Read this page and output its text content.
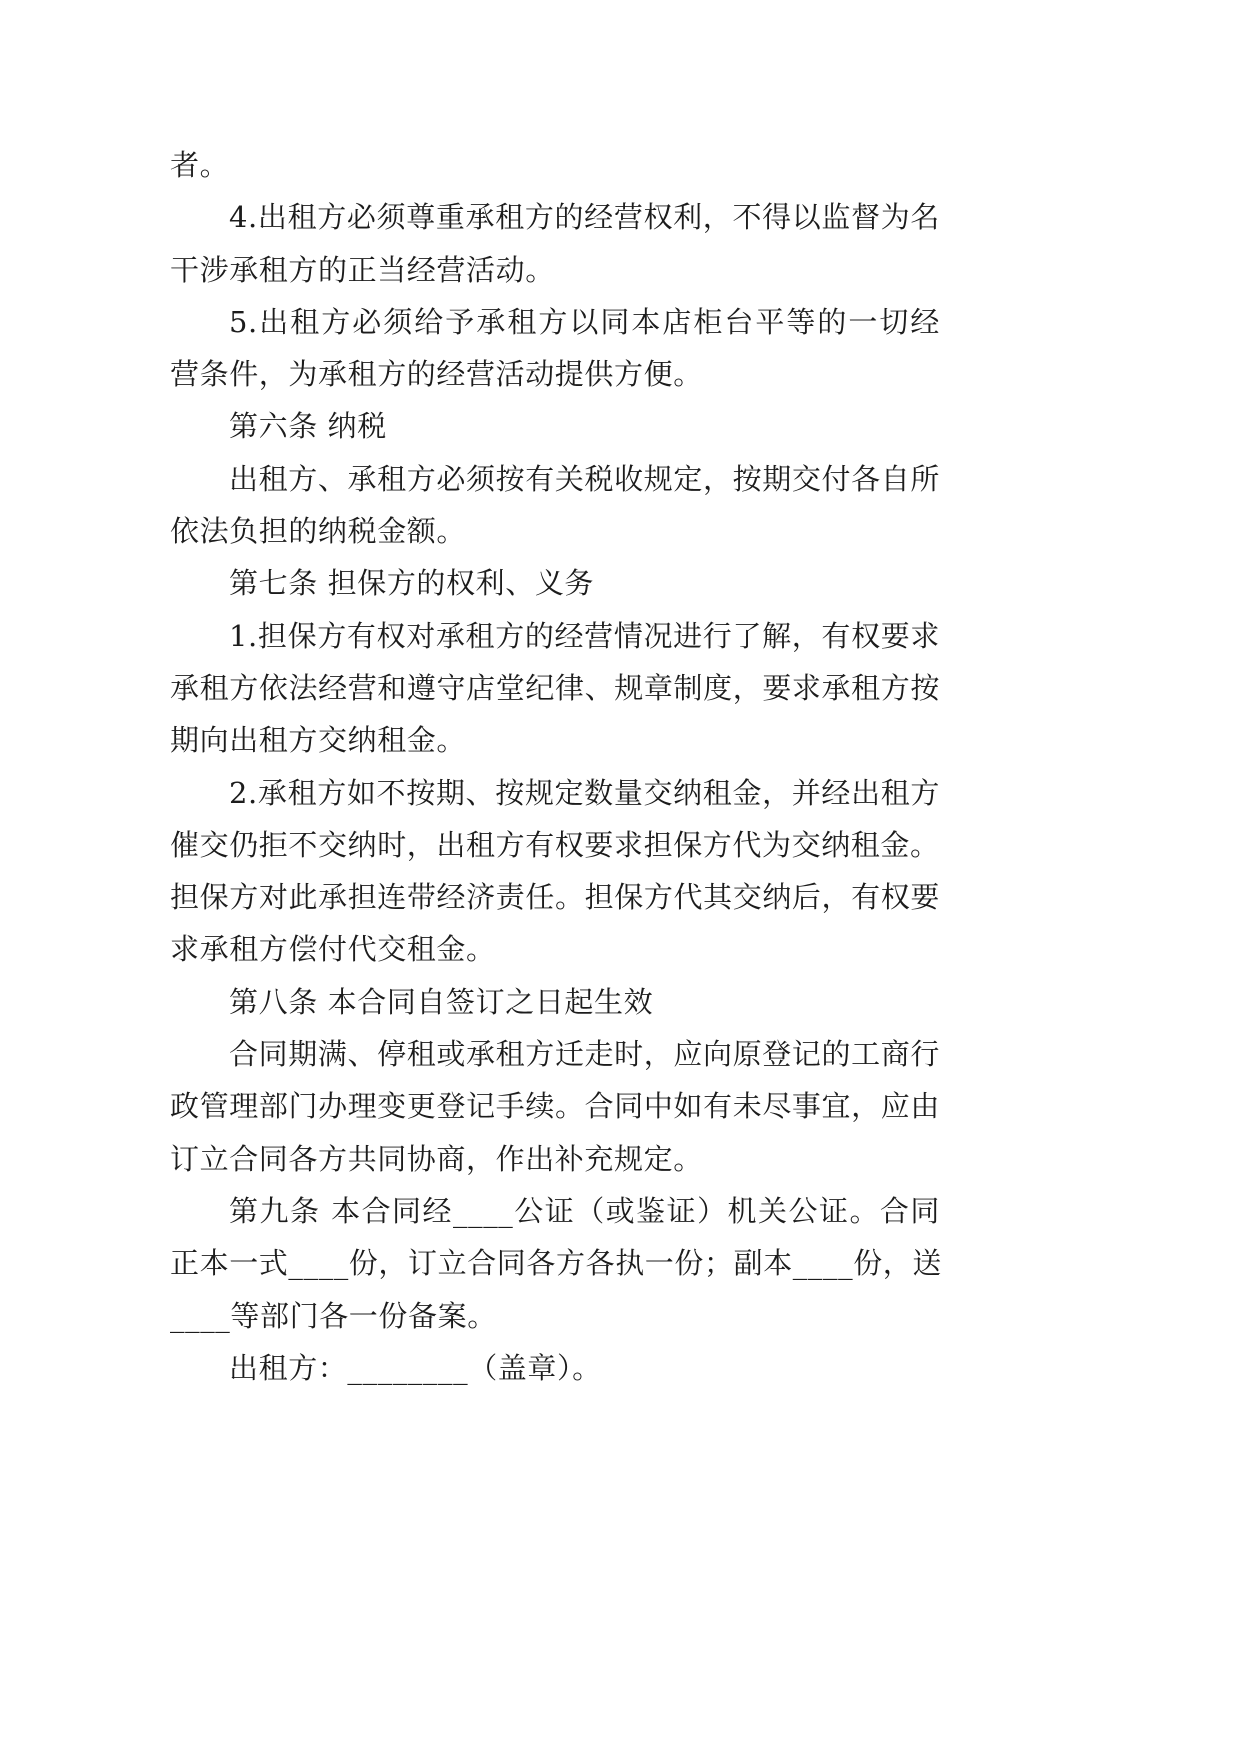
者。
4.出租方必须尊重承租方的经营权利，不得以监督为名
干涉承租方的正当经营活动。
5.出租方必须给予承租方以同本店柜台平等的一切经
营条件，为承租方的经营活动提供方便。
第六条 纳税
出租方、承租方必须按有关税收规定，按期交付各自所
依法负担的纳税金额。
第七条 担保方的权利、义务
1.担保方有权对承租方的经营情况进行了解，有权要求
承租方依法经营和遵守店堂纪律、规章制度，要求承租方按
期向出租方交纳租金。
2.承租方如不按期、按规定数量交纳租金，并经出租方
催交仍拒不交纳时，出租方有权要求担保方代为交纳租金。
担保方对此承担连带经济责任。担保方代其交纳后，有权要
求承租方偿付代交租金。
第八条 本合同自签订之日起生效
合同期满、停租或承租方迁走时，应向原登记的工商行
政管理部门办理变更登记手续。合同中如有未尽事宜，应由
订立合同各方共同协商，作出补充规定。
第九条 本合同经____公证（或鉴证）机关公证。合同
正本一式____份，订立合同各方各执一份；副本____份，送
____等部门各一份备案。
出租方：________（盖章）。
